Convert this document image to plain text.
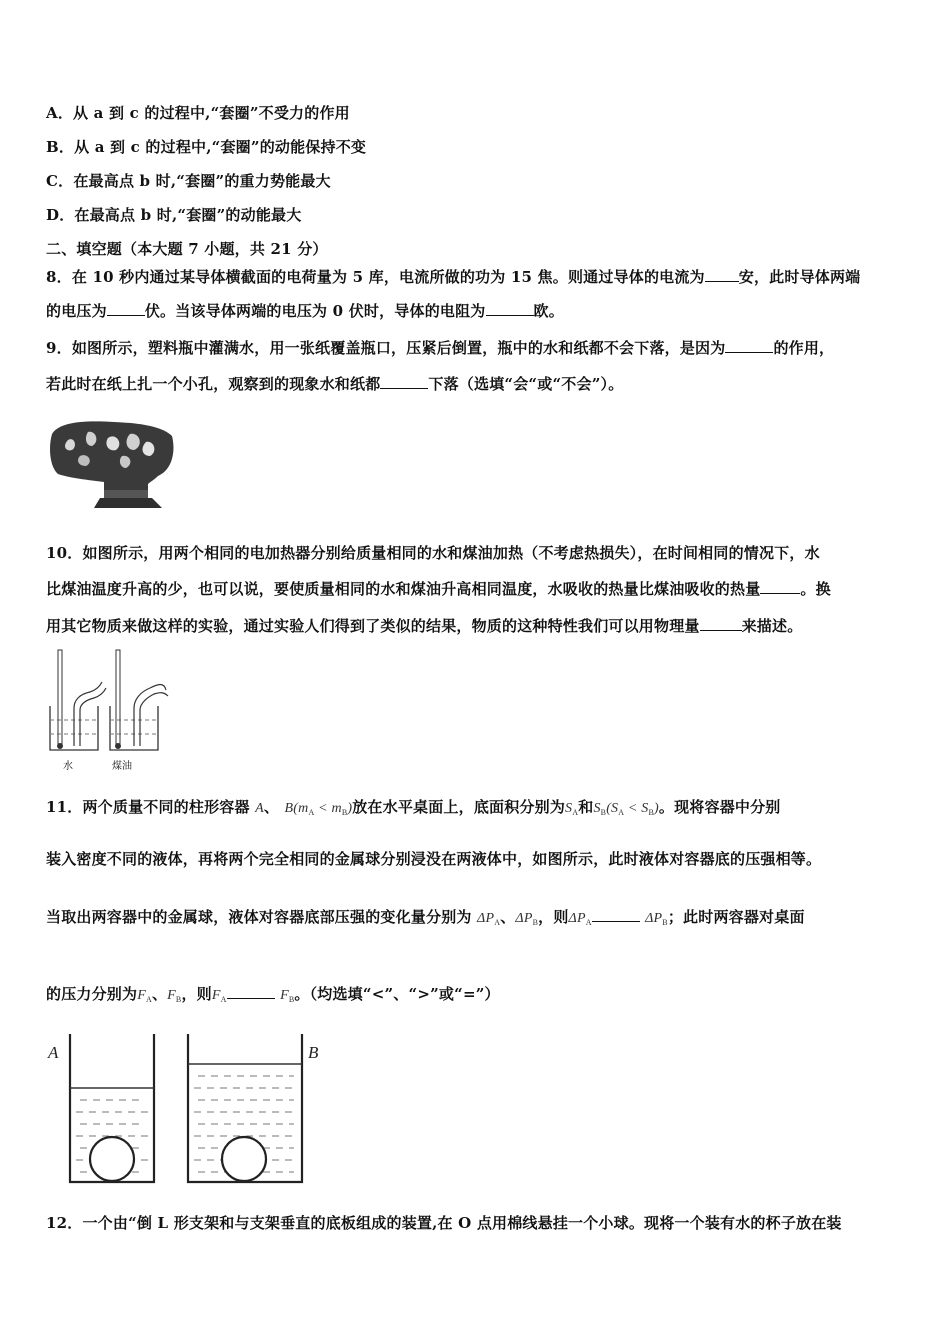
A．从 a 到 c 的过程中,“套圈”不受力的作用
B．从 a 到 c 的过程中,“套圈”的动能保持不变
C．在最高点 b 时,“套圈”的重力势能最大
D．在最高点 b 时,“套圈”的动能最大
二、填空题（本大题 7 小题，共 21 分）
8．在 10 秒内通过某导体横截面的电荷量为 5 库，电流所做的功为 15 焦。则通过导体的电流为 安，此时导体两端
的电压为	伏。当该导体两端的电压为 0 伏时，导体的电阻为	欧。
9．如图所示，塑料瓶中灌满水，用一张纸覆盖瓶口，压紧后倒置，瓶中的水和纸都不会下落，是因为	的作用，
若此时在纸上扎一个小孔，观察到的现象水和纸都	下落（选填“会“或“不会”）。
10．如图所示，用两个相同的电加热器分别给质量相同的水和煤油加热（不考虑热损失），在时间相同的情况下，水
比煤油温度升高的少，也可以说，要使质量相同的水和煤油升高相同温度，水吸收的热量比煤油吸收的热量	。换
用其它物质来做这样的实验，通过实验人们得到了类似的结果，物质的这种特性我们可以用物理量	来描述。
水	煤油
11．两个质量不同的柱形容器 A、 $B(m_A < m_B)$放在水平桌面上，底面积分别为$S_A$和$S_B(S_A < S_B)$。现将容器中分别
装入密度不同的液体，再将两个完全相同的金属球分别浸没在两液体中，如图所示，此时液体对容器底的压强相等。
当取出两容器中的金属球，液体对容器底部压强的变化量分别为 $\Delta P_A$、$\Delta P_B$，则$\Delta P_A$	$\Delta P_B$；此时两容器对桌面
的压力分别为$F_A$、$F_B$，则$F_A$	$F_B$。（均选填“<”、“>”或“=”）
A	B
12．一个由“倒 L 形支架和与支架垂直的底板组成的装置,在 O 点用棉线悬挂一个小球。现将一个装有水的杯子放在装
